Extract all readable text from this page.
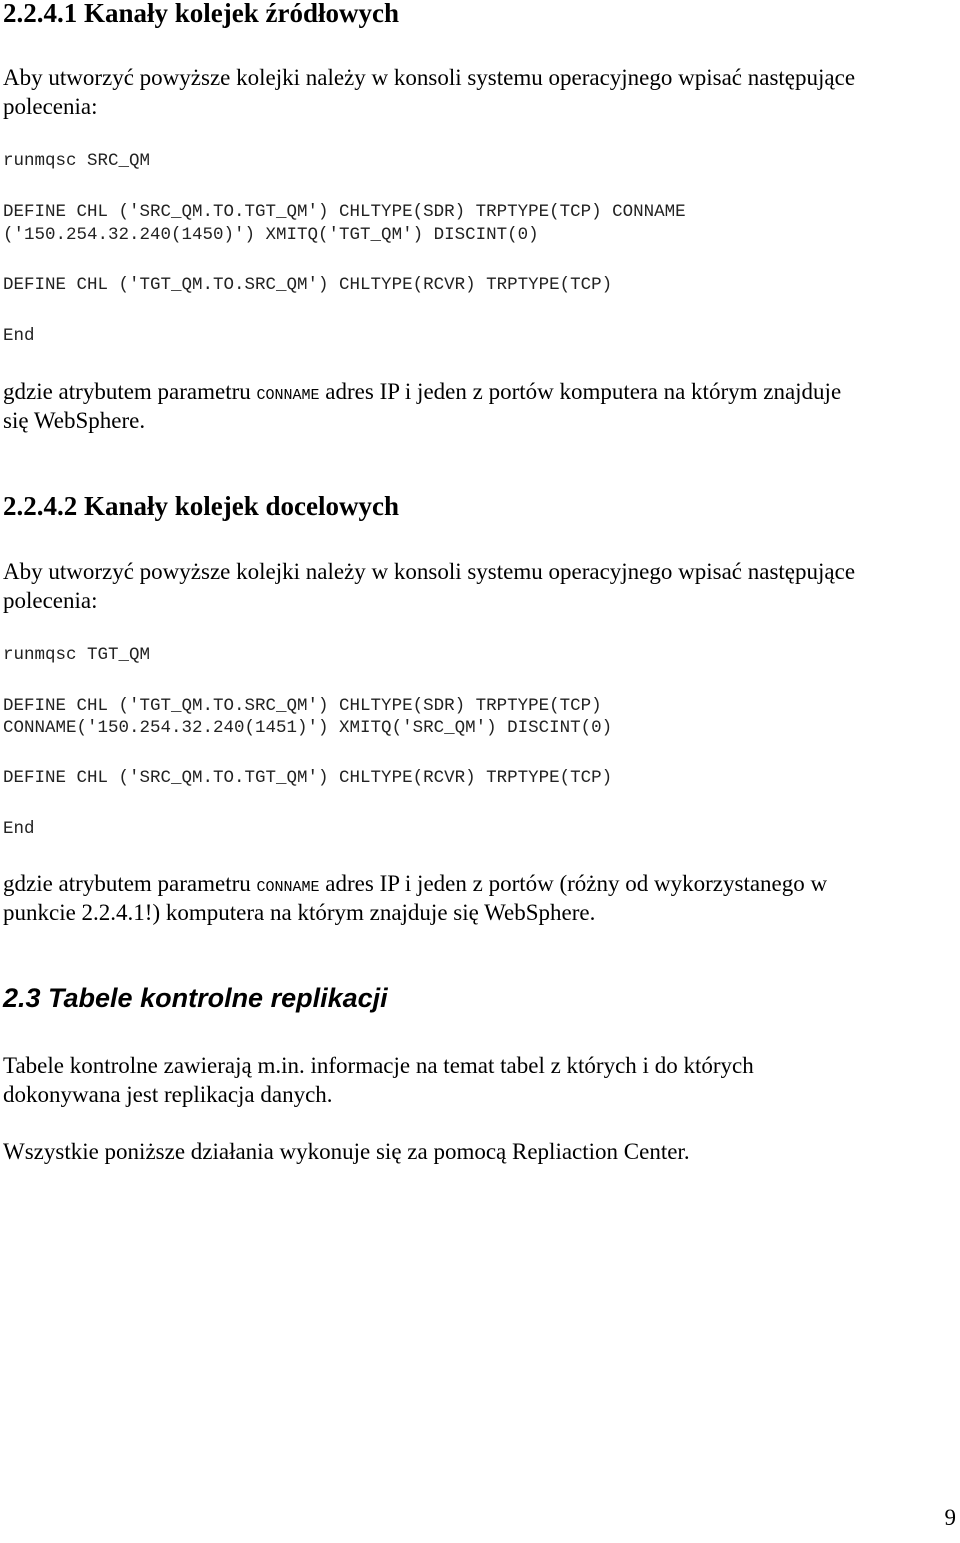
2.2.4.1 Kanały kolejek źródłowych
Aby utworzyć powyższe kolejki należy w konsoli systemu operacyjnego wpisać następujące
polecenia:
runmqsc SRC_QM
DEFINE CHL ('SRC_QM.TO.TGT_QM') CHLTYPE(SDR) TRPTYPE(TCP) CONNAME
('150.254.32.240(1450)') XMITQ('TGT_QM') DISCINT(0)
DEFINE CHL ('TGT_QM.TO.SRC_QM') CHLTYPE(RCVR) TRPTYPE(TCP)
End
gdzie atrybutem parametru CONNAME adres IP i jeden z portów komputera na którym znajduje
się WebSphere.
2.2.4.2 Kanały kolejek docelowych
Aby utworzyć powyższe kolejki należy w konsoli systemu operacyjnego wpisać następujące
polecenia:
runmqsc TGT_QM
DEFINE CHL ('TGT_QM.TO.SRC_QM') CHLTYPE(SDR) TRPTYPE(TCP)
CONNAME('150.254.32.240(1451)') XMITQ('SRC_QM') DISCINT(0)
DEFINE CHL ('SRC_QM.TO.TGT_QM') CHLTYPE(RCVR) TRPTYPE(TCP)
End
gdzie atrybutem parametru CONNAME adres IP i jeden z portów (różny od wykorzystanego w
punkcie 2.2.4.1!) komputera na którym znajduje się WebSphere.
2.3 Tabele kontrolne replikacji
Tabele kontrolne zawierają m.in. informacje na temat tabel z których i do których
dokonywana jest replikacja danych.
Wszystkie poniższe działania wykonuje się za pomocą Repliaction Center.
9
